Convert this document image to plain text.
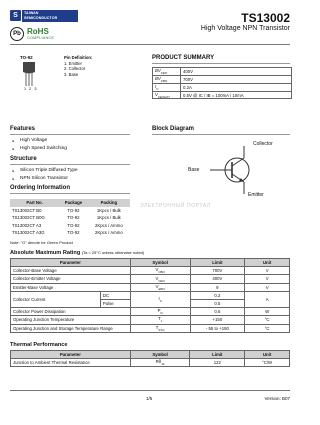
S	TAIWAN
SEMICONDUCTOR
Pb RoHS
COMPLIANCE
TS13002
High Voltage NPN Transistor
TO-92
1 2 3
Pin Definition:
1. Emitter
2. Collector
3. Base
PRODUCT SUMMARY
$BV_{CEO}$	400V
$BV_{CBO}$	700V
$I_C$	0.2A
$V_{CE(SAT)}$	0.5V @ IC / IB = 100mA / 10mA
Features
● High Voltage
● High Speed Switching
Structure
● Silicon Triple Diffused Type
● NPN Silicon Transistor
Ordering Information
Part No.	Package	Packing
TS13002CT B0	TO-92	1Kpcs / Bulk
TS13002CT B0G	TO-92	1Kpcs / Bulk
TS13002CT A3	TO-92	2Kpcs / Ammo
TS13002CT A3G	TO-92	2Kpcs / Ammo
Note: "G" denote for Green Product
Block Diagram
Collector
Base
Emitter
ЭЛЕКТРОННЫЙ ПОРТАЛ
Absolute Maximum Rating (Ta = 25°C unless otherwise noted)
Parameter		Symbol	Limit	Unit
Collector-Base Voltage		$V_{CBO}$	700V	V
Collector-Emitter Voltage		$V_{CEO}$	400V	V
Emitter-Base Voltage		$V_{EBO}$	9	V
Collector Current	DC	$I_C$	0.2	A
	Pulse		0.5	
Collector Power Dissipation		$P_D$	0.6	W
Operating Junction Temperature		$T_J$	+150	°C
Operating Junction and Storage Temperature Range		$T_{STG}$	- 55 to +150	°C
Thermal Performance
Parameter	Symbol	Limit	Unit
Junction to Ambient Thermal Resistance	$R\theta_{JA}$	122	°C/W
1/5	Version: B07
